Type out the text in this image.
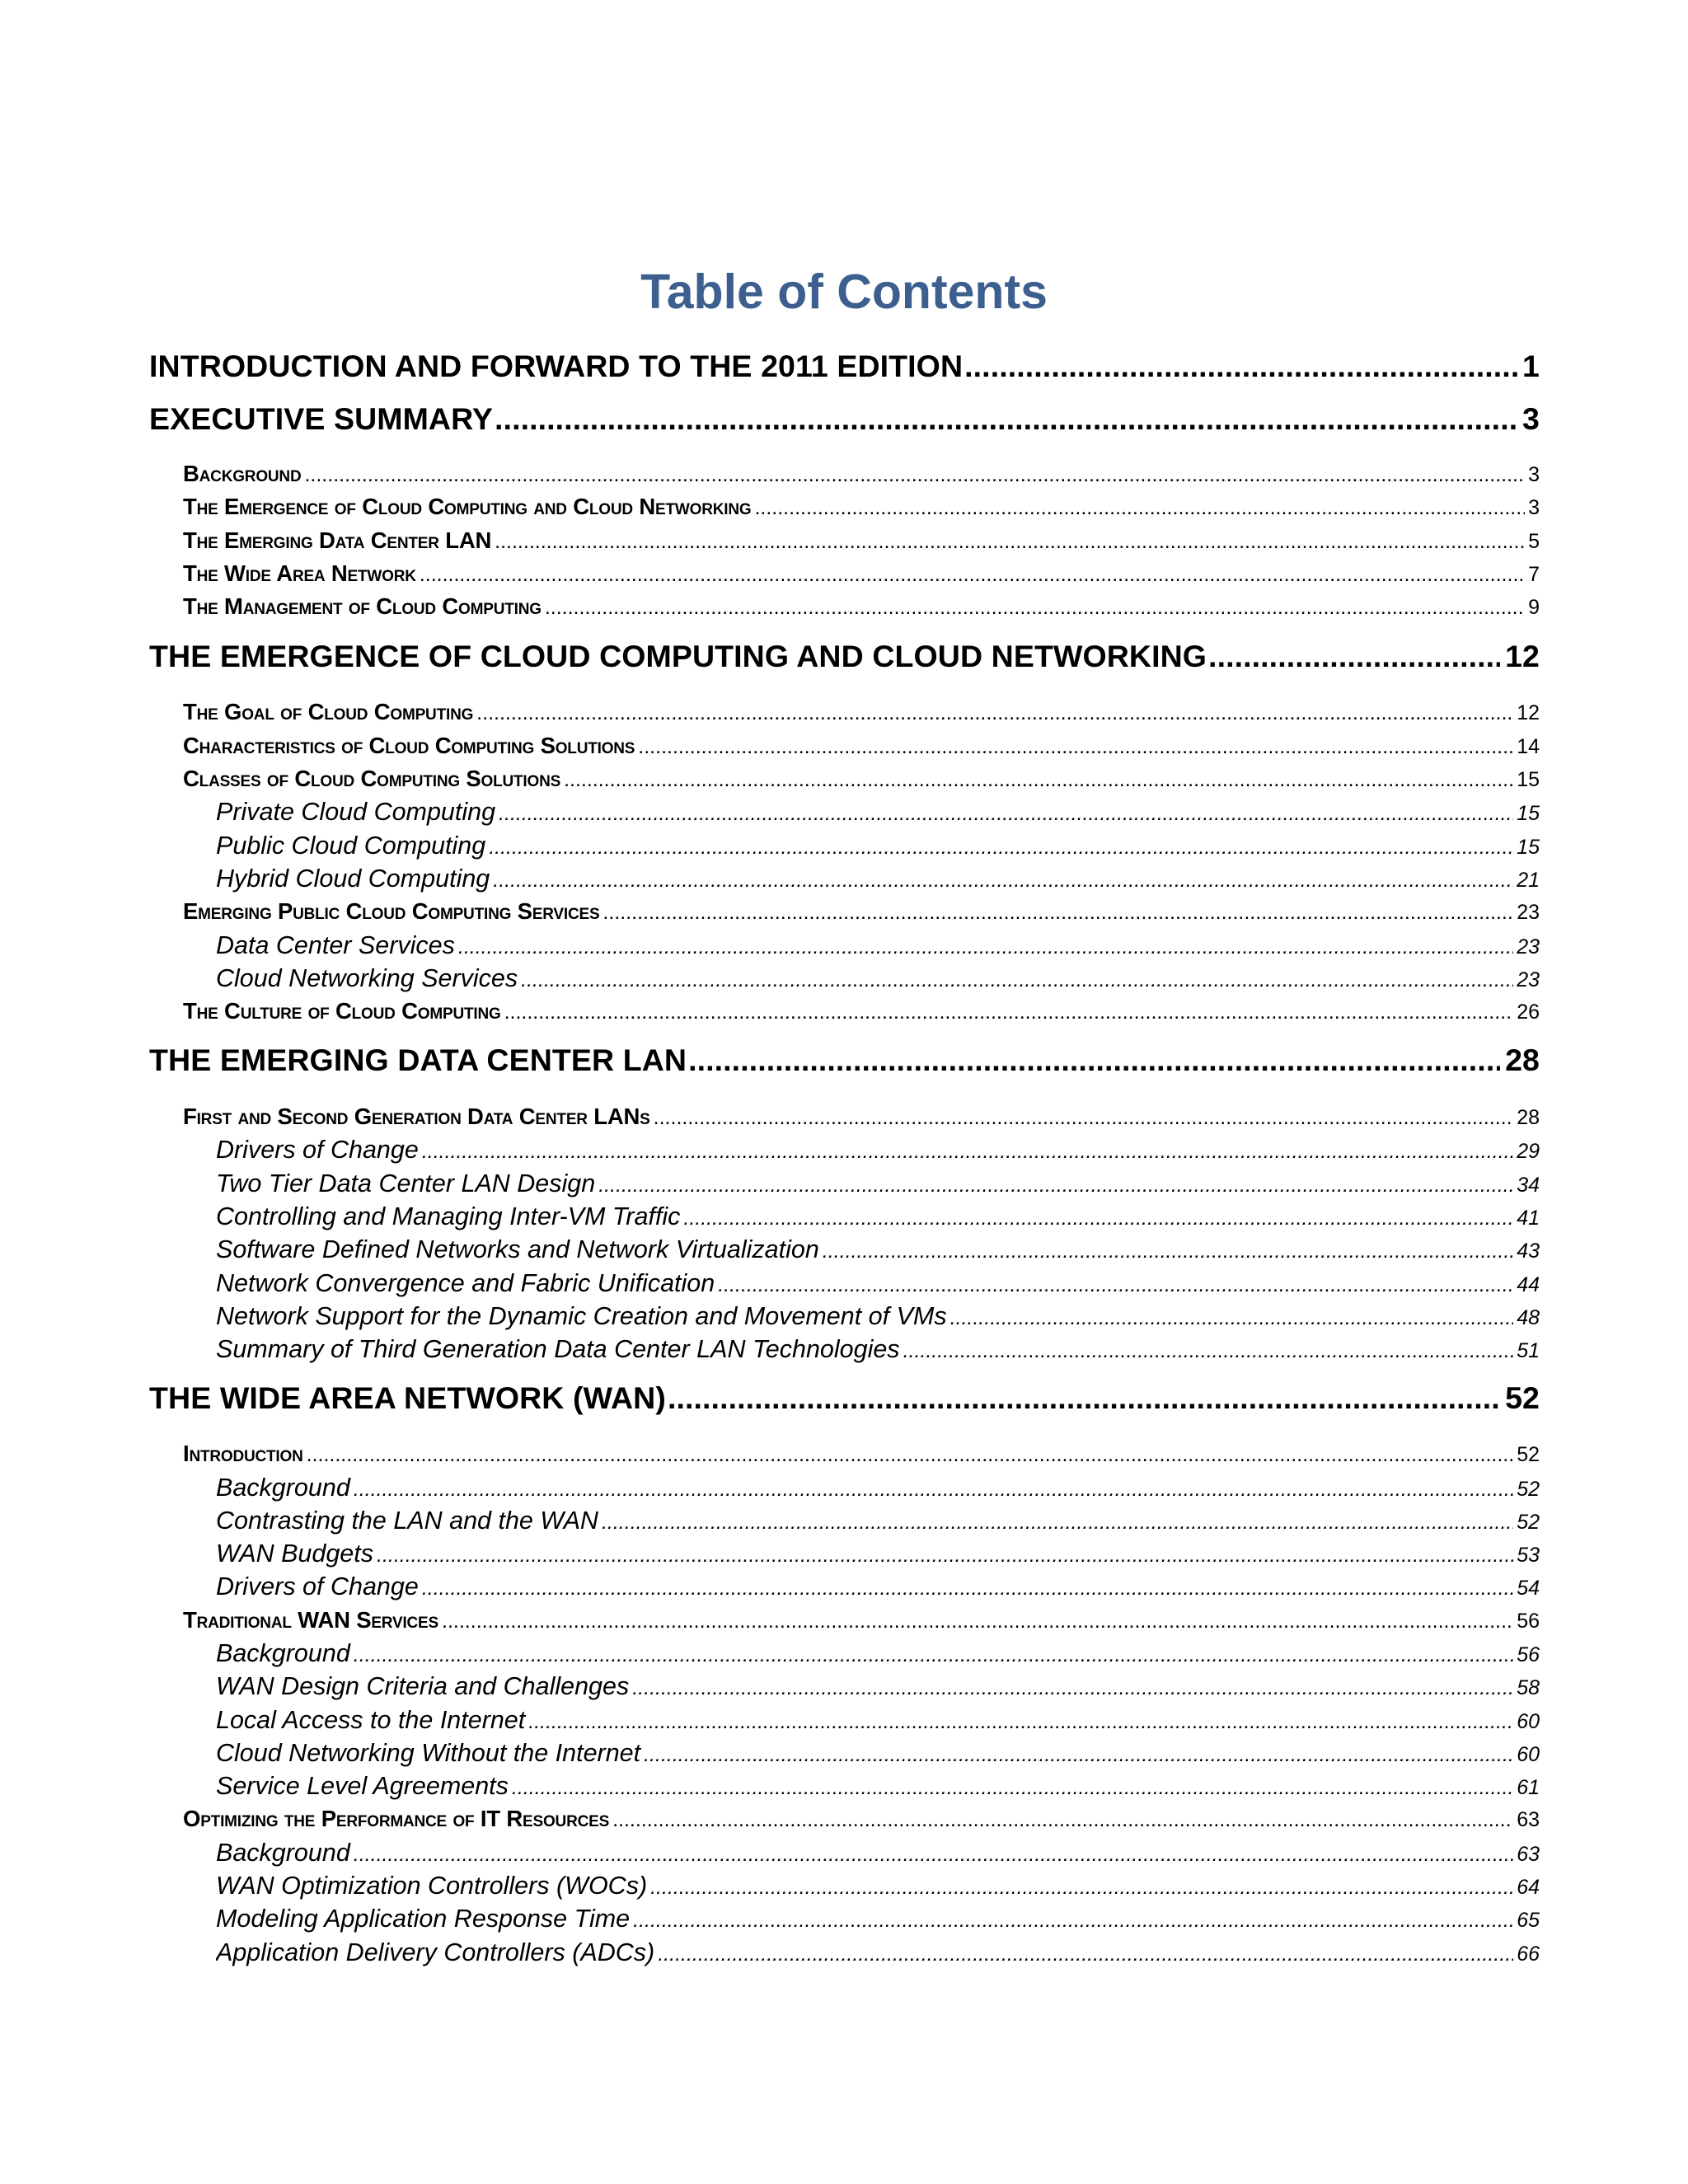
Table of Contents
INTRODUCTION AND FORWARD TO THE 2011 EDITION .....	1
EXECUTIVE SUMMARY .....	3
Background .....	3
The Emergence of Cloud Computing and Cloud Networking .....	3
The Emerging Data Center LAN .....	5
The Wide Area Network .....	7
The Management of Cloud Computing .....	9
THE EMERGENCE OF CLOUD COMPUTING AND CLOUD NETWORKING .....	12
The Goal of Cloud Computing .....	12
Characteristics of Cloud Computing Solutions .....	14
Classes of Cloud Computing Solutions .....	15
Private Cloud Computing .....	15
Public Cloud Computing .....	15
Hybrid Cloud Computing .....	21
Emerging Public Cloud Computing Services .....	23
Data Center Services .....	23
Cloud Networking Services .....	23
The Culture of Cloud Computing .....	26
THE EMERGING DATA CENTER LAN .....	28
First and Second Generation Data Center LANs .....	28
Drivers of Change .....	29
Two Tier Data Center LAN Design .....	34
Controlling and Managing Inter-VM Traffic .....	41
Software Defined Networks and Network Virtualization .....	43
Network Convergence and Fabric Unification .....	44
Network Support for the Dynamic Creation and Movement of VMs .....	48
Summary of Third Generation Data Center LAN Technologies .....	51
THE WIDE AREA NETWORK (WAN) .....	52
Introduction .....	52
Background .....	52
Contrasting the LAN and the WAN .....	52
WAN Budgets .....	53
Drivers of Change .....	54
Traditional WAN Services .....	56
Background .....	56
WAN Design Criteria and Challenges .....	58
Local Access to the Internet .....	60
Cloud Networking Without the Internet .....	60
Service Level Agreements .....	61
Optimizing the Performance of IT Resources .....	63
Background .....	63
WAN Optimization Controllers (WOCs) .....	64
Modeling Application Response Time .....	65
Application Delivery Controllers (ADCs) .....	66
